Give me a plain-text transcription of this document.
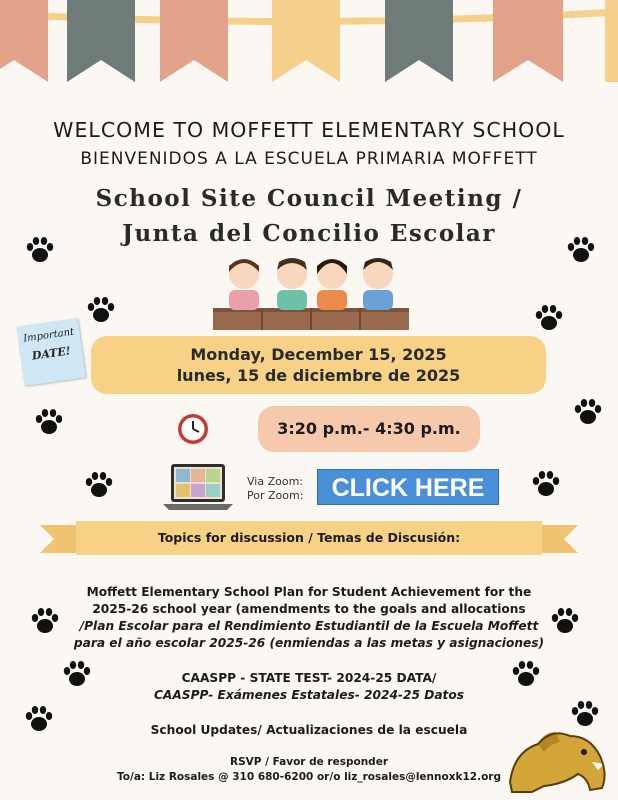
WELCOME TO MOFFETT ELEMENTARY SCHOOL
BIENVENIDOS A LA ESCUELA PRIMARIA MOFFETT
School Site Council Meeting /
Junta del Concilio Escolar
Important
DATE!	Monday, December 15, 2025
lunes, 15 de diciembre de 2025
3:20 p.m.- 4:30 p.m.
Via Zoom:
Por Zoom:	CLICK HERE
Topics for discussion / Temas de Discusión:
Moffett Elementary School Plan for Student Achievement for the
2025-26 school year (amendments to the goals and allocations
/Plan Escolar para el Rendimiento Estudiantil de la Escuela Moffett
para el año escolar 2025-26 (enmiendas a las metas y asignaciones)
CAASPP - STATE TEST- 2024-25 DATA/
CAASPP- Exámenes Estatales- 2024-25 Datos
School Updates/ Actualizaciones de la escuela
RSVP / Favor de responder
To/a: Liz Rosales @ 310 680-6200 or/o liz_rosales@lennoxk12.org
